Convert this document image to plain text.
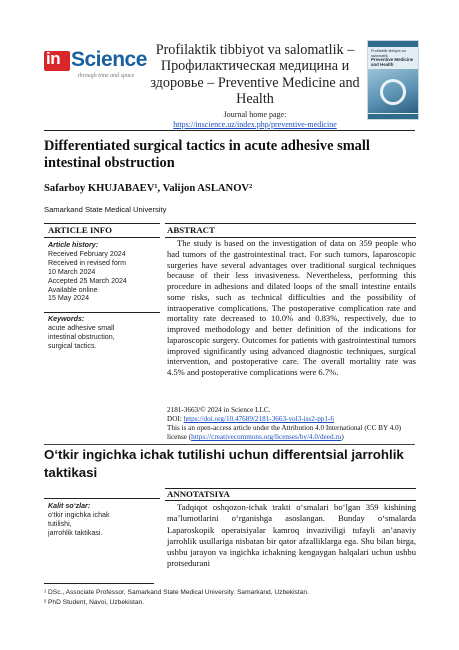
in Science
through time and space
Profilaktik tibbiyot va salomatlik – Профилактическая медицина и здоровье – Preventive Medicine and Health
Journal home page:
https://inscience.uz/index.php/preventive-medicine
Profilaktik tibbiyot va salomatlik
Preventive Medicine and Health
Differentiated surgical tactics in acute adhesive small intestinal obstruction
Safarboy KHUJABAEV¹, Valijon ASLANOV²
Samarkand State Medical University
ARTICLE INFO	ABSTRACT
Article history:
Received February 2024
Received in revised form
10 March 2024
Accepted 25 March 2024
Available online
15 May 2024
Keywords:
acute adhesive small
intestinal obstruction,
surgical tactics.
The study is based on the investigation of data on 359 people who had tumors of the gastrointestinal tract. For such tumors, laparoscopic surgeries have several advantages over traditional surgical techniques because of their less invasiveness. Nevertheless, performing this procedure in adhesions and dilated loops of the small intestine entails some risks, such as technical difficulties and the possibility of intraoperative complications. The postoperative complication rate and mortality rate decreased to 10.0% and 0.83%, respectively, due to improved methodology and better definition of the indications for laparoscopic surgery. Outcomes for patients with gastrointestinal tumors improved significantly using advanced diagnostic techniques, surgical intervention, and postoperative care. The overall mortality rate was 4.5% and postoperative complications were 6.7%.
2181-3663/© 2024 in Science LLC.
DOI: https://doi.org/10.47689/2181-3663-vol3-iss2-pp1-6
This is an open-access article under the Attribution 4.0 International (CC BY 4.0) license (https://creativecommons.org/licenses/by/4.0/deed.ru)
O‘tkir ingichka ichak tutilishi uchun differentsial jarrohlik taktikasi
Kalit so‘zlar:
o‘tkir ingichka ichak
tutilishi,
jarrohlik taktikasi.
ANNOTATSIYA
Tadqiqot oshqozon-ichak trakti o‘smalari bo‘lgan 359 kishining ma’lumotlarini o‘rganishga asoslangan. Bunday o‘smalarda Laparoskopik operatsiyalar kamroq invaziviligi tufayli an’anaviy jarrohlik usullariga nisbatan bir qator afzalliklarga ega. Shu bilan birga, ushbu jarayon va ingichka ichakning kengaygan halqalari uchun ushbu protsedurani
¹ DSc., Associate Professor, Samarkand State Medical University. Samarkand, Uzbekistan.
² PhD Student, Navoi, Uzbekistan.
